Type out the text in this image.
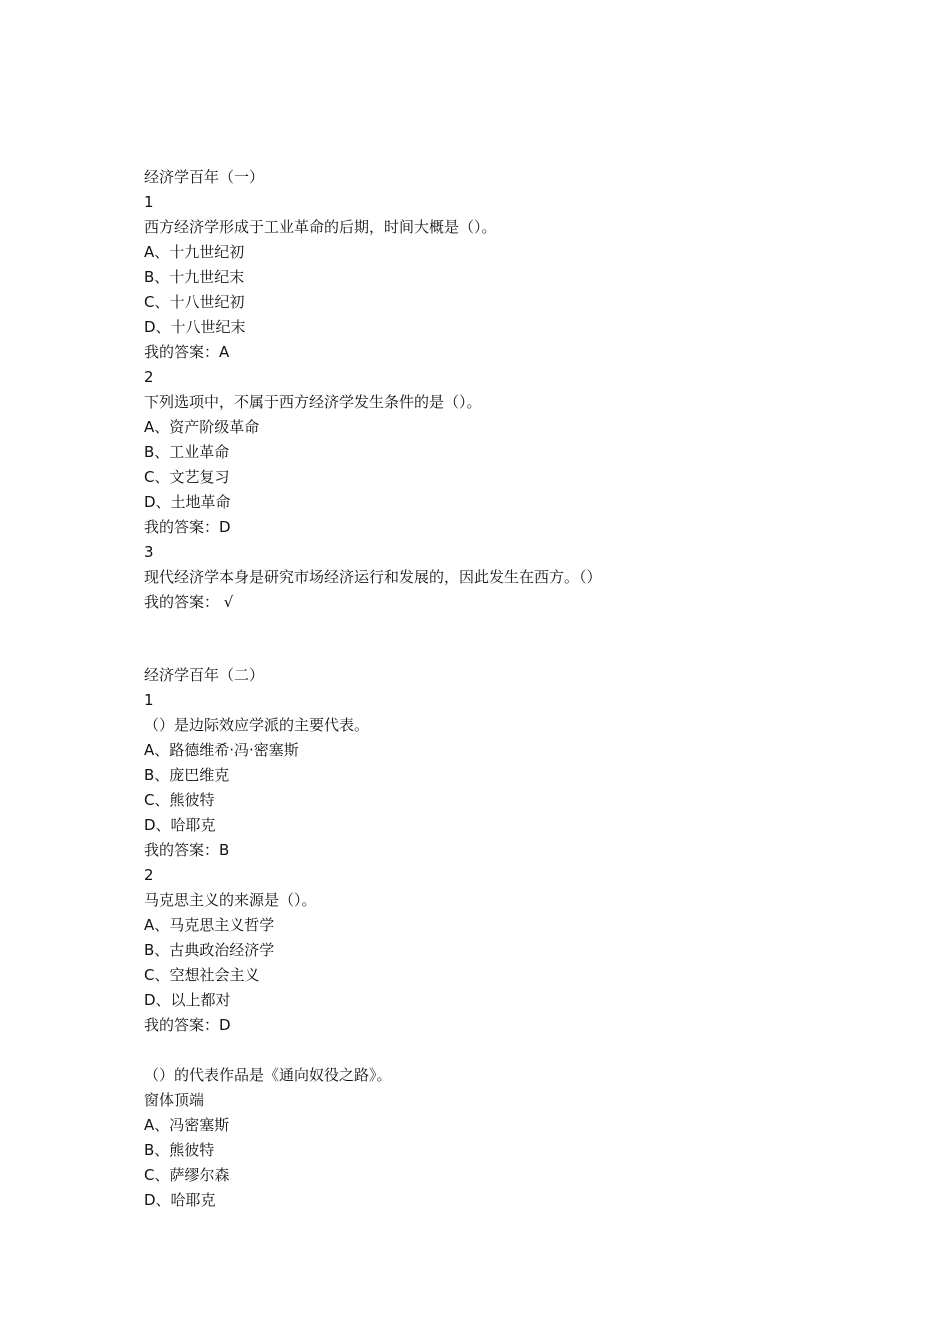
经济学百年（一）
1
西方经济学形成于工业革命的后期，时间大概是（）。
A、十九世纪初
B、十九世纪末
C、十八世纪初
D、十八世纪末
我的答案：A
2
下列选项中，不属于西方经济学发生条件的是（）。
A、资产阶级革命
B、工业革命
C、文艺复习
D、土地革命
我的答案：D
3
现代经济学本身是研究市场经济运行和发展的，因此发生在西方。（）
我的答案： √
经济学百年（二）
1
（）是边际效应学派的主要代表。
A、路德维希·冯·密塞斯
B、庞巴维克
C、熊彼特
D、哈耶克
我的答案：B
2
马克思主义的来源是（）。
A、马克思主义哲学
B、古典政治经济学
C、空想社会主义
D、以上都对
我的答案：D
（）的代表作品是《通向奴役之路》。
窗体顶端
A、冯密塞斯
B、熊彼特
C、萨缪尔森
D、哈耶克
